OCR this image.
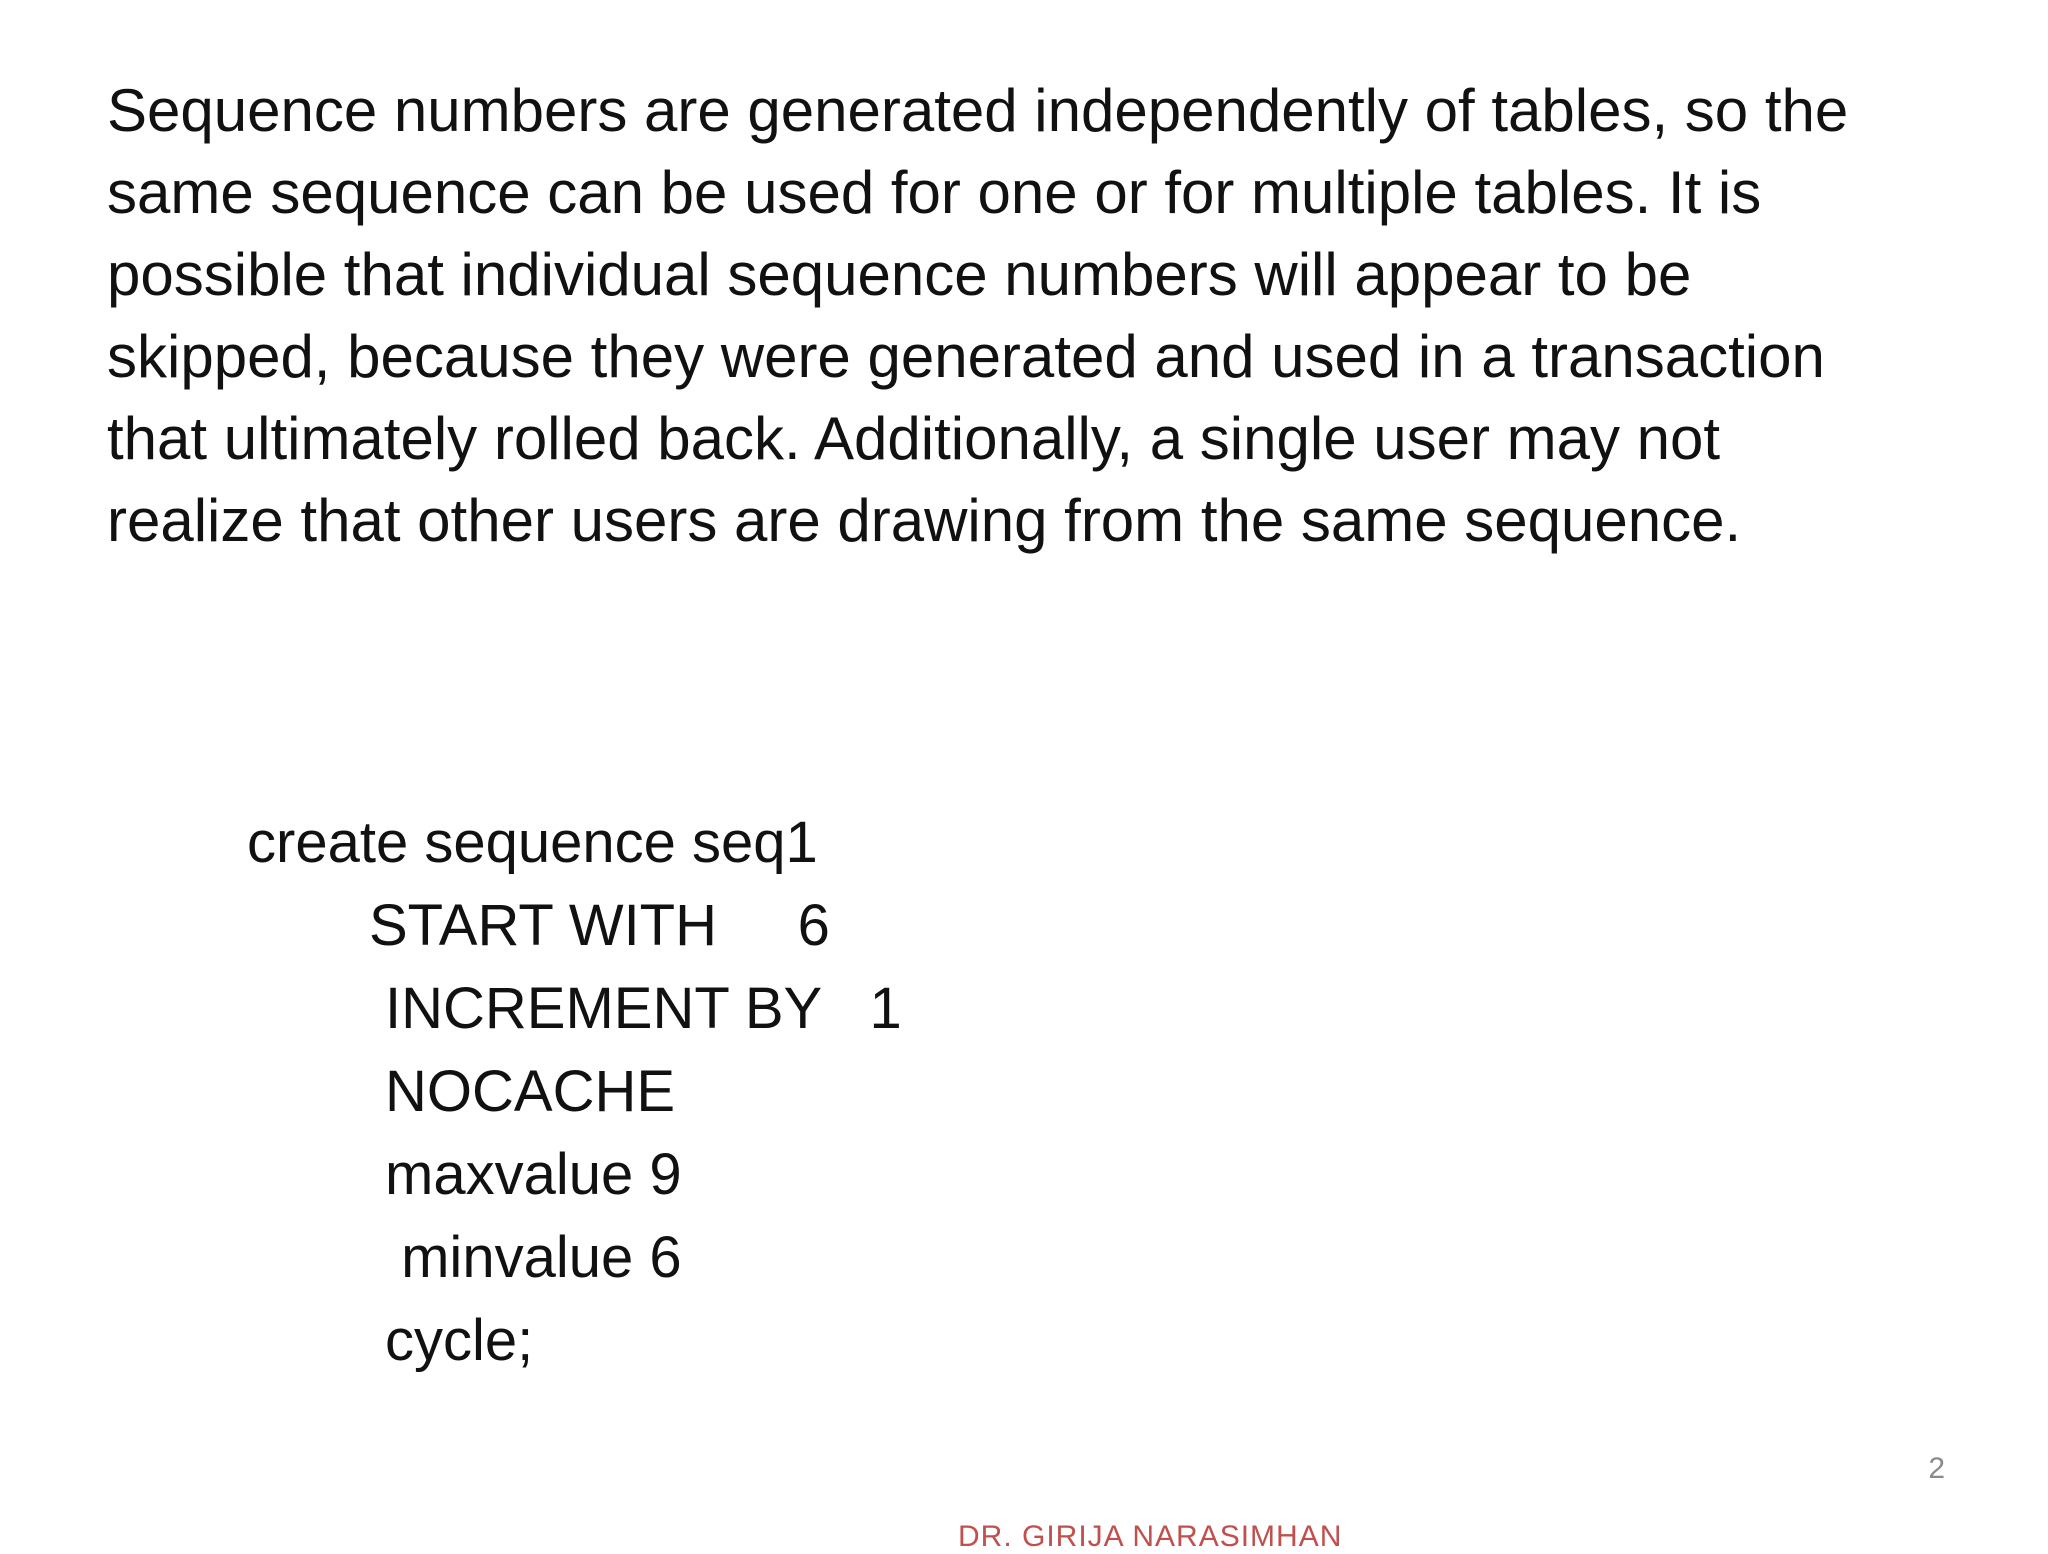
Sequence numbers are generated independently of tables, so the
same sequence can be used for one or for multiple tables. It is
possible that individual sequence numbers will appear to be
skipped, because they were generated and used in a transaction
that ultimately rolled back. Additionally, a single user may not
realize that other users are drawing from the same sequence.
create sequence seq1
START WITH     6
INCREMENT BY   1
NOCACHE
maxvalue 9
minvalue 6
cycle;
2
DR. GIRIJA NARASIMHAN
